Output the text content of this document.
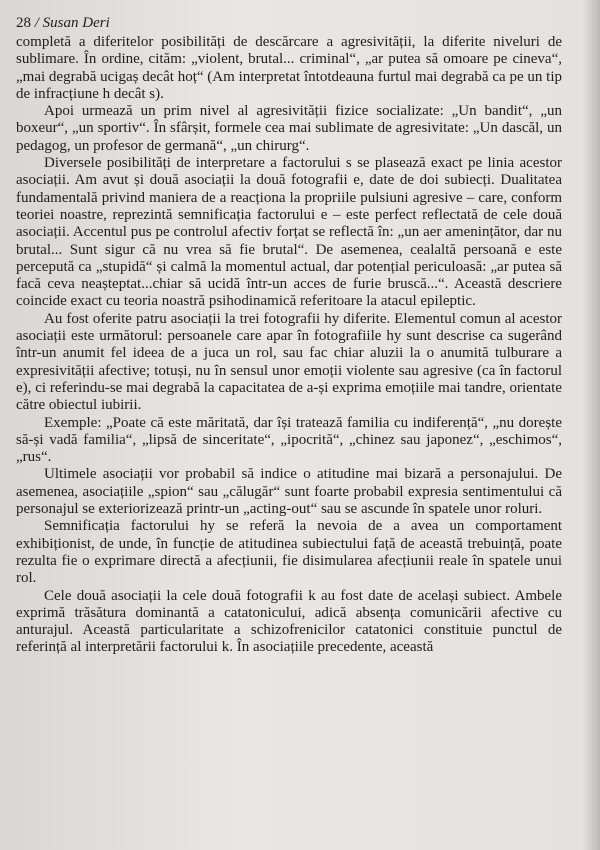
28 / Susan Deri

completă a diferitelor posibilități de descărcare a agresivității, la diferite niveluri de sublimare. În ordine, cităm: „violent, brutal... criminal“, „ar putea să omoare pe cineva“, „mai degrabă ucigaș decât hoț“ (Am interpretat întotdeauna furtul mai degrabă ca pe un tip de infracțiune h decât s).

Apoi urmează un prim nivel al agresivității fizice socializate: „Un bandit“, „un boxeur“, „un sportiv“. În sfârșit, formele cea mai sublimate de agresivitate: „Un dascăl, un pedagog, un profesor de germană“, „un chirurg“.

Diversele posibilități de interpretare a factorului s se plasează exact pe linia acestor asociații. Am avut și două asociații la două fotografii e, date de doi subiecți. Dualitatea fundamentală privind maniera de a reacționa la propriile pulsiuni agresive – care, conform teoriei noastre, reprezintă semnificația factorului e – este perfect reflectată de cele două asociații. Accentul pus pe controlul afectiv forțat se reflectă în: „un aer amenințător, dar nu brutal... Sunt sigur că nu vrea să fie brutal“. De asemenea, cealaltă persoană e este percepută ca „stupidă“ și calmă la momentul actual, dar potențial periculoasă: „ar putea să facă ceva neașteptat...chiar să ucidă într-un acces de furie bruscă...“. Această descriere coincide exact cu teoria noastră psihodinamică referitoare la atacul epileptic.

Au fost oferite patru asociații la trei fotografii hy diferite. Elementul comun al acestor asociații este următorul: persoanele care apar în fotografiile hy sunt descrise ca sugerând într-un anumit fel ideea de a juca un rol, sau fac chiar aluzii la o anumită tulburare a expresivității afective; totuși, nu în sensul unor emoții violente sau agresive (ca în factorul e), ci referindu-se mai degrabă la capacitatea de a-și exprima emoțiile mai tandre, orientate către obiectul iubirii.

Exemple: „Poate că este măritată, dar își tratează familia cu indiferență“, „nu dorește să-și vadă familia“, „lipsă de sinceritate“, „ipocrită“, „chinez sau japonez“, „eschimos“, „rus“.

Ultimele asociații vor probabil să indice o atitudine mai bizară a personajului. De asemenea, asociațiile „spion“ sau „călugăr“ sunt foarte probabil expresia sentimentului că personajul se exteriorizează printr-un „acting-out“ sau se ascunde în spatele unor roluri.

Semnificația factorului hy se referă la nevoia de a avea un comportament exhibiționist, de unde, în funcție de atitudinea subiectului față de această trebuință, poate rezulta fie o exprimare directă a afecțiunii, fie disimularea afecțiunii reale în spatele unui rol.

Cele două asociații la cele două fotografii k au fost date de același subiect. Ambele exprimă trăsătura dominantă a catatonicului, adică absența comunicării afective cu anturajul. Această particularitate a schizofrenicilor catatonici constituie punctul de referință al interpretării factorului k. În asociațiile precedente, această
